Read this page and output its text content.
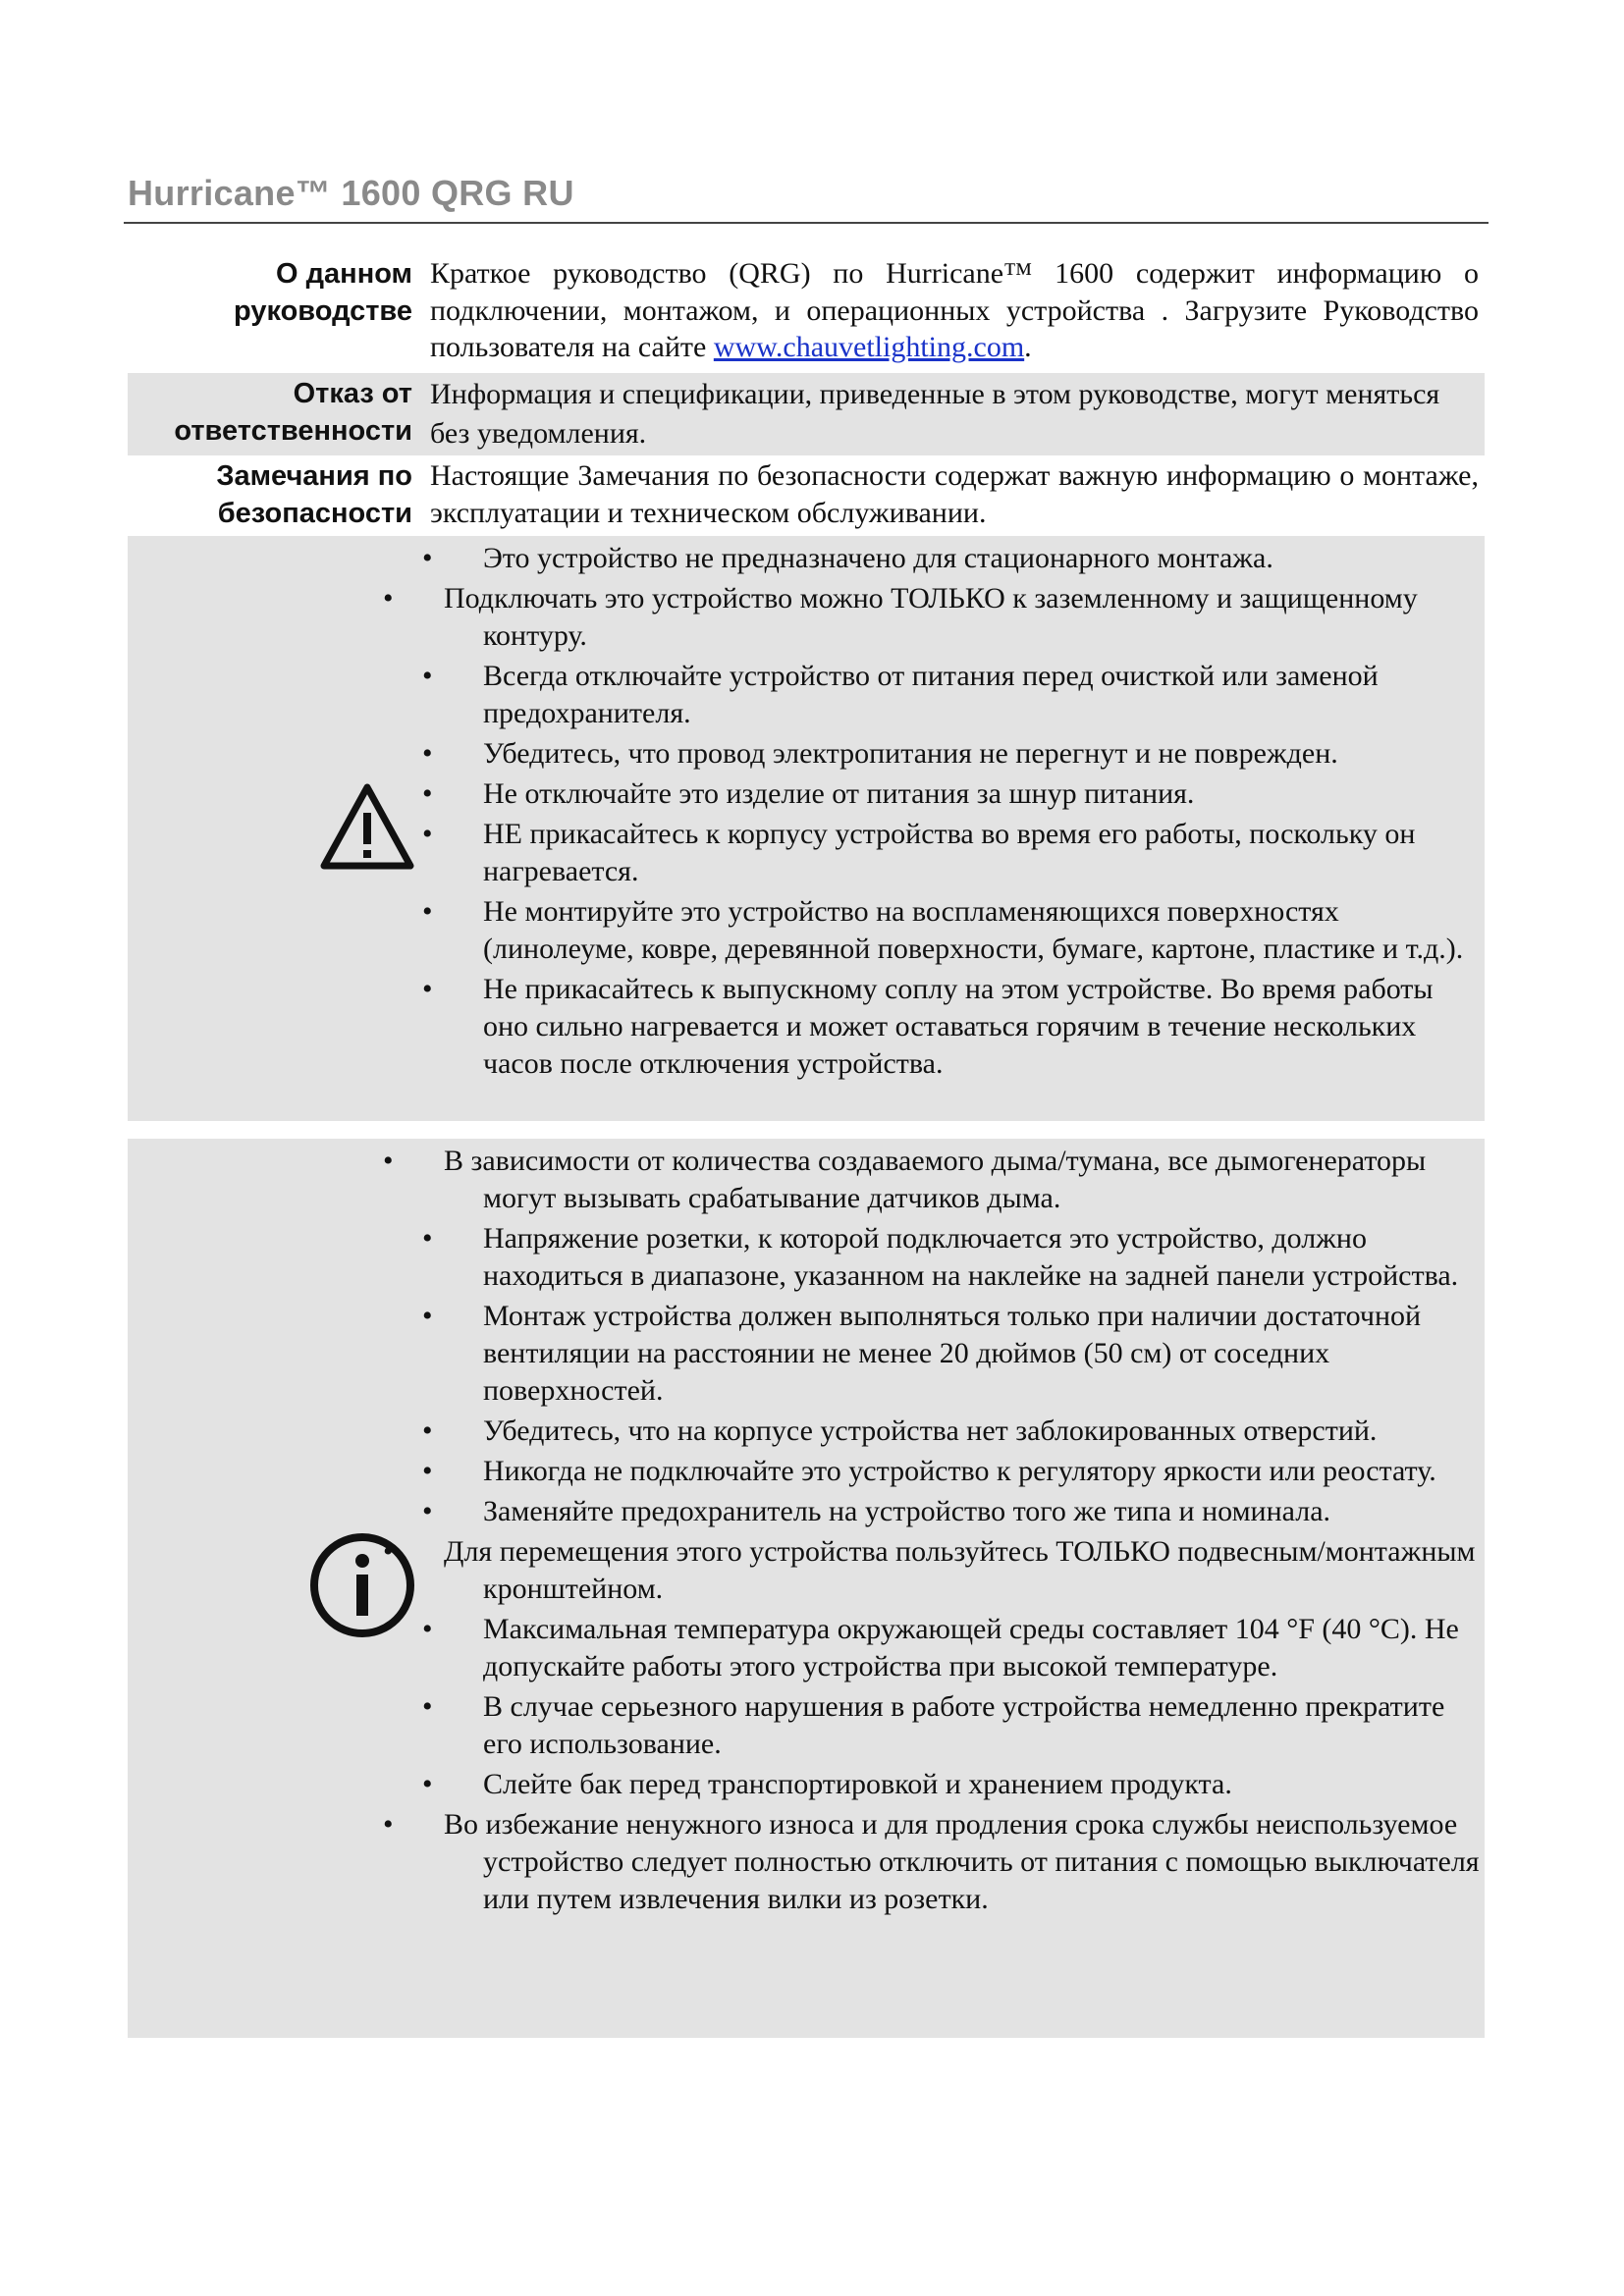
Hurricane™ 1600 QRG RU
О данном
руководстве
Краткое руководство (QRG) по Hurricane™ 1600 содержит информацию о подключении, монтажом, и операционных устройства . Загрузите Руководство пользователя на сайте www.chauvetlighting.com.
Отказ от
ответственности
Информация и спецификации, приведенные в этом руководстве, могут меняться без уведомления.
Замечания по
безопасности
Настоящие Замечания по безопасности содержат важную информацию о монтаже, эксплуатации и техническом обслуживании.
• Это устройство не предназначено для стационарного монтажа.
• Подключать это устройство можно ТОЛЬКО к заземленному и защищенному контуру.
• Всегда отключайте устройство от питания перед очисткой или заменой предохранителя.
• Убедитесь, что провод электропитания не перегнут и не поврежден.
• Не отключайте это изделие от питания за шнур питания.
• НЕ прикасайтесь к корпусу устройства во время его работы, поскольку он нагревается.
• Не монтируйте это устройство на воспламеняющихся поверхностях (линолеуме, ковре, деревянной поверхности, бумаге, картоне, пластике и т.д.).
• Не прикасайтесь к выпускному соплу на этом устройстве. Во время работы оно сильно нагревается и может оставаться горячим в течение нескольких часов после отключения устройства.
• В зависимости от количества создаваемого дыма/тумана, все дымогенераторы могут вызывать срабатывание датчиков дыма.
• Напряжение розетки, к которой подключается это устройство, должно находиться в диапазоне, указанном на наклейке на задней панели устройства.
• Монтаж устройства должен выполняться только при наличии достаточной вентиляции на расстоянии не менее 20 дюймов (50 см) от соседних поверхностей.
• Убедитесь, что на корпусе устройства нет заблокированных отверстий.
• Никогда не подключайте это устройство к регулятору яркости или реостату.
• Заменяйте предохранитель на устройство того же типа и номинала.
• Для перемещения этого устройства пользуйтесь ТОЛЬКО подвесным/монтажным кронштейном.
• Максимальная температура окружающей среды составляет 104 °F (40 °C). Не допускайте работы этого устройства при высокой температуре.
• В случае серьезного нарушения в работе устройства немедленно прекратите его использование.
• Слейте бак перед транспортировкой и хранением продукта.
• Во избежание ненужного износа и для продления срока службы неиспользуемое устройство следует полностью отключить от питания с помощью выключателя или путем извлечения вилки из розетки.
